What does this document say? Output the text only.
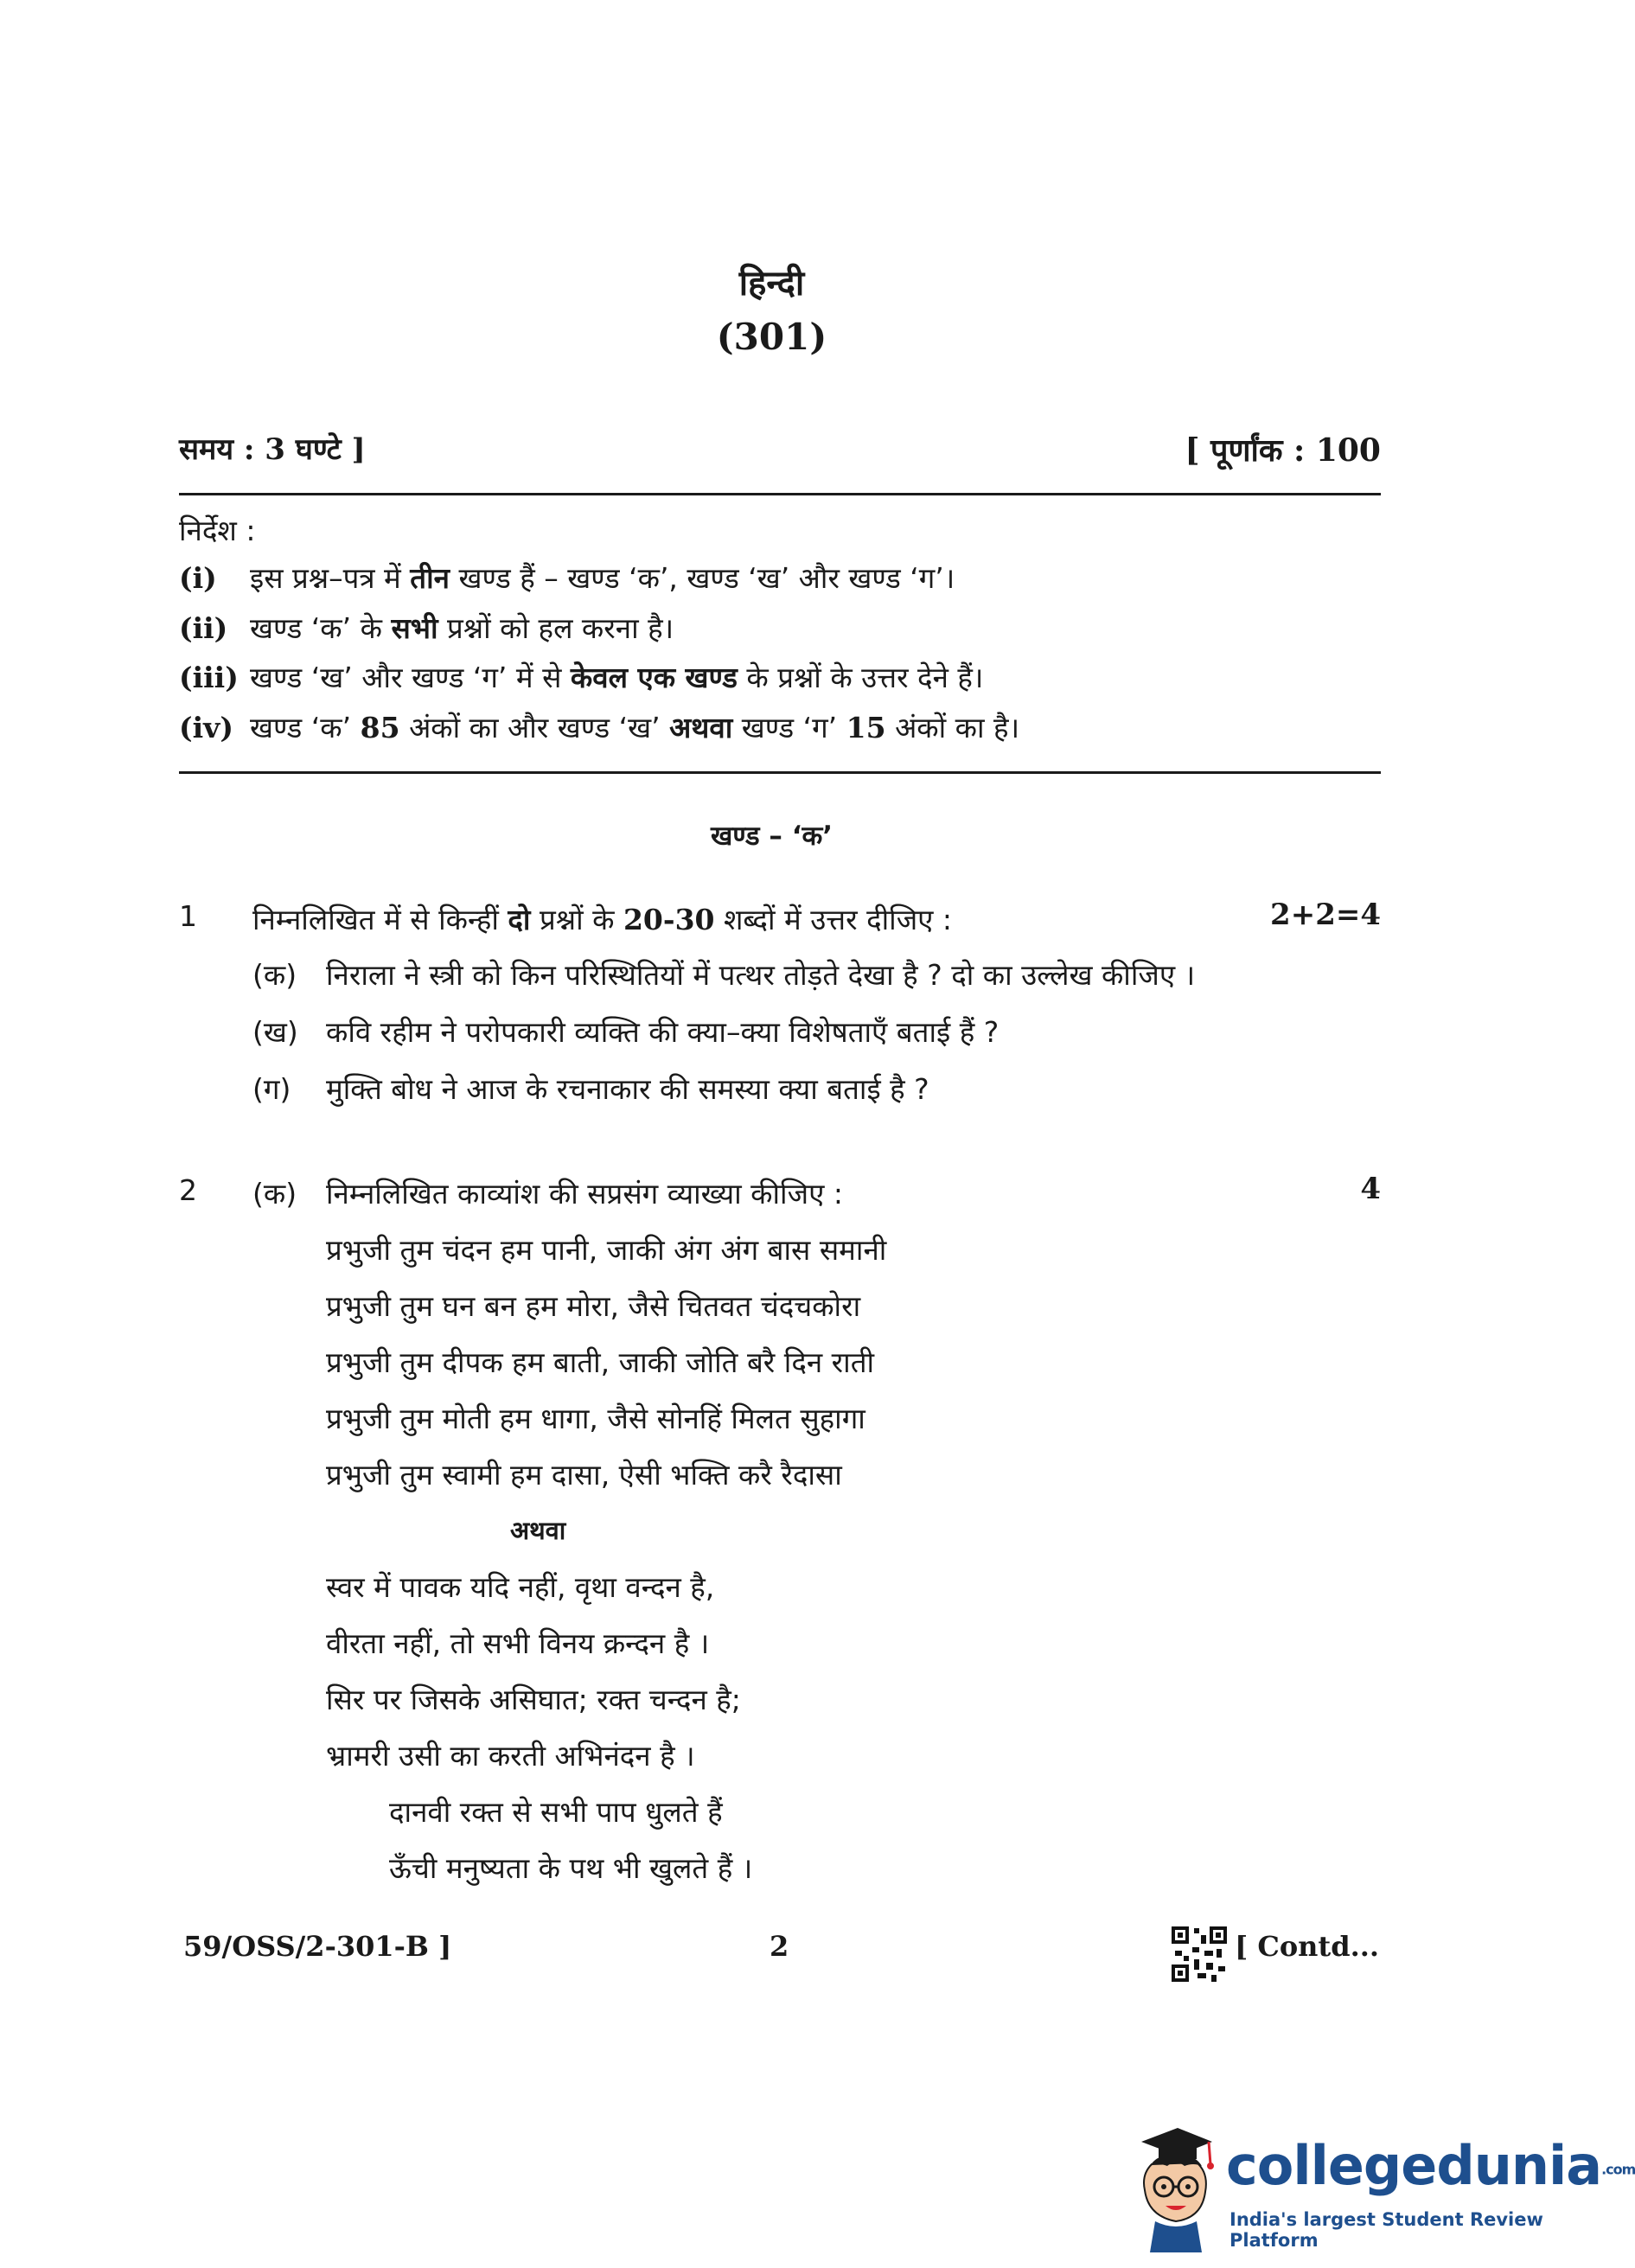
हिन्दी
(301)
समय : 3 घण्टे ]	[ पूर्णांक : 100
निर्देश :
(i) इस प्रश्न–पत्र में तीन खण्ड हैं – खण्ड ‘क’, खण्ड ‘ख’ और खण्ड ‘ग’।
(ii) खण्ड ‘क’ के सभी प्रश्नों को हल करना है।
(iii) खण्ड ‘ख’ और खण्ड ‘ग’ में से केवल एक खण्ड के प्रश्नों के उत्तर देने हैं।
(iv) खण्ड ‘क’ 85 अंकों का और खण्ड ‘ख’ अथवा खण्ड ‘ग’ 15 अंकों का है।
खण्ड – ‘क’
1 निम्नलिखित में से किन्हीं दो प्रश्नों के 20-30 शब्दों में उत्तर दीजिए :	2+2=4
(क) निराला ने स्त्री को किन परिस्थितियों में पत्थर तोड़ते देखा है ? दो का उल्लेख कीजिए ।
(ख) कवि रहीम ने परोपकारी व्यक्ति की क्या–क्या विशेषताएँ बताई हैं ?
(ग) मुक्ति बोध ने आज के रचनाकार की समस्या क्या बताई है ?
2 (क) निम्नलिखित काव्यांश की सप्रसंग व्याख्या कीजिए :	4
प्रभुजी तुम चंदन हम पानी, जाकी अंग अंग बास समानी
प्रभुजी तुम घन बन हम मोरा, जैसे चितवत चंदचकोरा
प्रभुजी तुम दीपक हम बाती, जाकी जोति बरै दिन राती
प्रभुजी तुम मोती हम धागा, जैसे सोनहिं मिलत सुहागा
प्रभुजी तुम स्वामी हम दासा, ऐसी भक्ति करै रैदासा
अथवा
स्वर में पावक यदि नहीं, वृथा वन्दन है,
वीरता नहीं, तो सभी विनय क्रन्दन है ।
सिर पर जिसके असिघात; रक्त चन्दन है;
भ्रामरी उसी का करती अभिनंदन है ।
दानवी रक्त से सभी पाप धुलते हैं
ऊँची मनुष्यता के पथ भी खुलते हैं ।
59/OSS/2-301-B ]	2	[ Contd...
collegedunia.com
India's largest Student Review Platform
